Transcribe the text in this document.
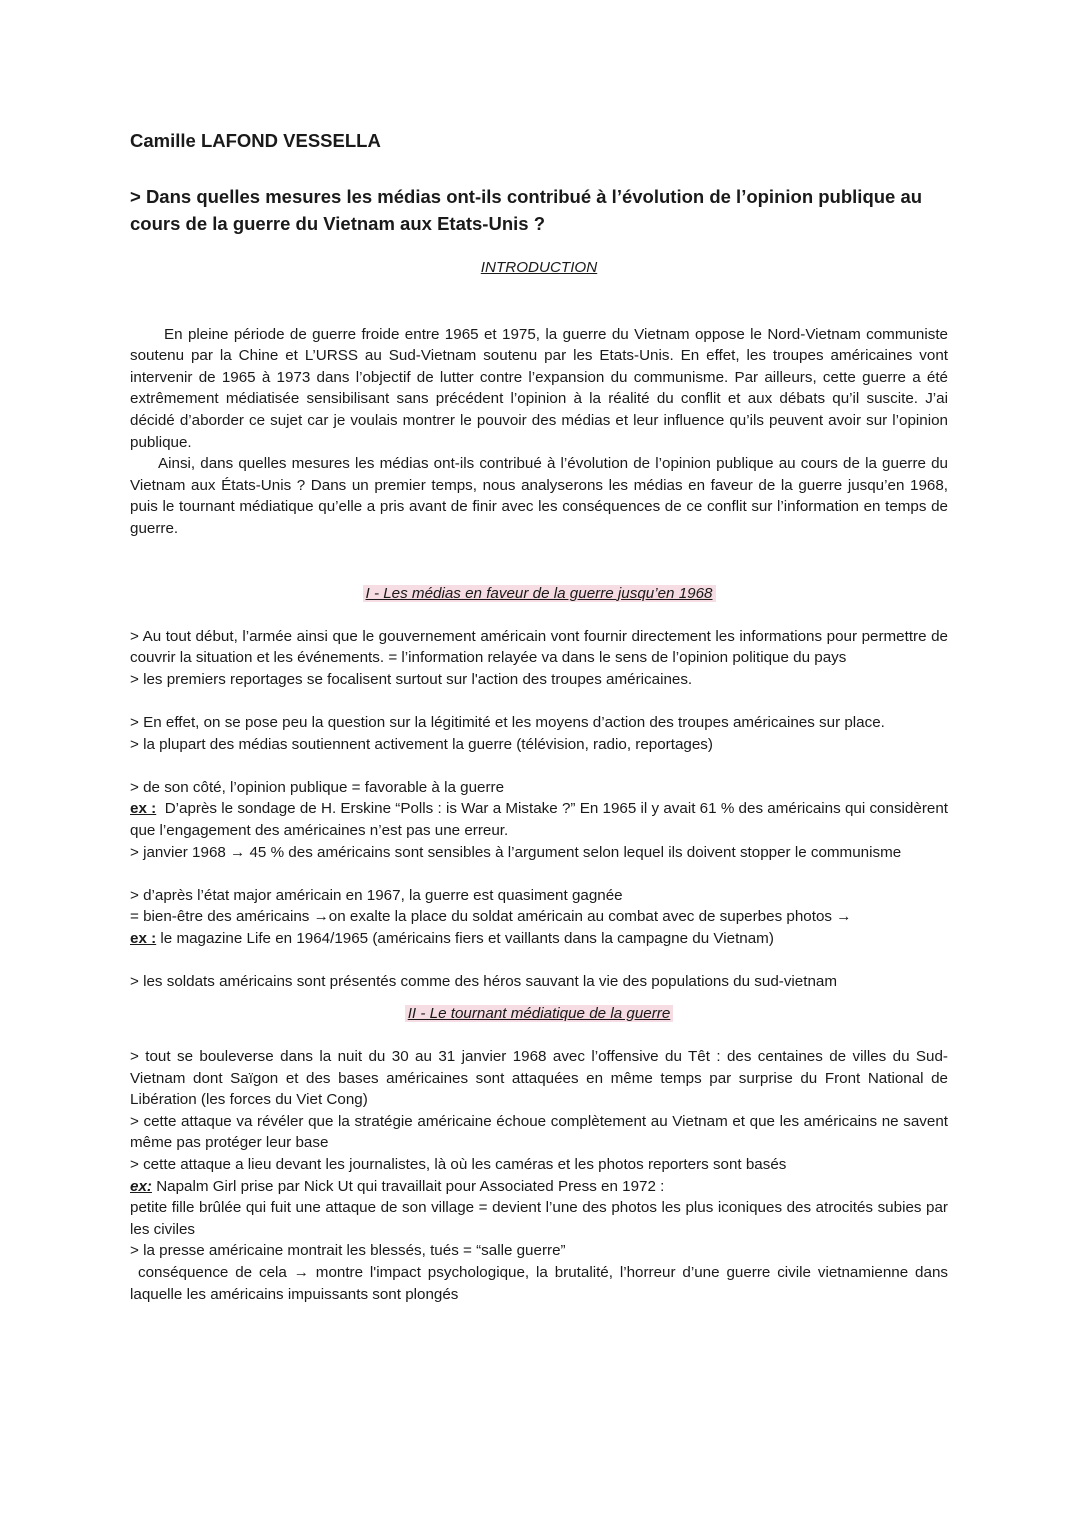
Camille LAFOND VESSELLA

> Dans quelles mesures les médias ont-ils contribué à l’évolution de l’opinion publique au cours de la guerre du Vietnam aux Etats-Unis ?

INTRODUCTION

En pleine période de guerre froide entre 1965 et 1975, la guerre du Vietnam oppose le Nord-Vietnam communiste soutenu par la Chine et L’URSS au Sud-Vietnam soutenu par les Etats-Unis. En effet, les troupes américaines vont intervenir de 1965 à 1973 dans l’objectif de lutter contre l’expansion du communisme. Par ailleurs, cette guerre a été extrêmement médiatisée sensibilisant sans précédent l’opinion à la réalité du conflit et aux débats qu’il suscite. J’ai décidé d’aborder ce sujet car je voulais montrer le pouvoir des médias et leur influence qu’ils peuvent avoir sur l’opinion publique.

Ainsi, dans quelles mesures les médias ont-ils contribué à l’évolution de l’opinion publique au cours de la guerre du Vietnam aux États-Unis ? Dans un premier temps, nous analyserons les médias en faveur de la guerre jusqu’en 1968, puis le tournant médiatique qu’elle a pris avant de finir avec les conséquences de ce conflit sur l’information en temps de guerre.

I - Les médias en faveur de la guerre jusqu’en 1968

> Au tout début, l’armée ainsi que le gouvernement américain vont fournir directement les informations pour permettre de couvrir la situation et les événements. = l’information relayée va dans le sens de l’opinion politique du pays

> les premiers reportages se focalisent surtout sur l'action des troupes américaines.

> En effet, on se pose peu la question sur la légitimité et les moyens d’action des troupes américaines sur place.

> la plupart des médias soutiennent activement la guerre (télévision, radio, reportages)

> de son côté, l’opinion publique = favorable à la guerre

ex : D’après le sondage de H. Erskine “Polls : is War a Mistake ?” En 1965 il y avait 61 % des américains qui considèrent que l’engagement des américaines n’est pas une erreur.

> janvier 1968 → 45 % des américains sont sensibles à l’argument selon lequel ils doivent stopper le communisme

> d’après l’état major américain en 1967, la guerre est quasiment gagnée

= bien-être des américains →on exalte la place du soldat américain au combat avec de superbes photos →

ex : le magazine Life en 1964/1965 (américains fiers et vaillants dans la campagne du Vietnam)

> les soldats américains sont présentés comme des héros sauvant la vie des populations du sud-vietnam

II - Le tournant médiatique de la guerre

> tout se bouleverse dans la nuit du 30 au 31 janvier 1968 avec l’offensive du Têt : des centaines de villes du Sud-Vietnam dont Saïgon et des bases américaines sont attaquées en même temps par surprise du Front National de Libération (les forces du Viet Cong)

> cette attaque va révéler que la stratégie américaine échoue complètement au Vietnam et que les américains ne savent même pas protéger leur base

> cette attaque a lieu devant les journalistes, là où les caméras et les photos reporters sont basés

ex: Napalm Girl prise par Nick Ut qui travaillait pour Associated Press en 1972 :

petite fille brûlée qui fuit une attaque de son village = devient l’une des photos les plus iconiques des atrocités subies par les civiles

> la presse américaine montrait les blessés, tués = “salle guerre”

conséquence de cela → montre l'impact psychologique, la brutalité, l’horreur d’une guerre civile vietnamienne dans laquelle les américains impuissants sont plongés
